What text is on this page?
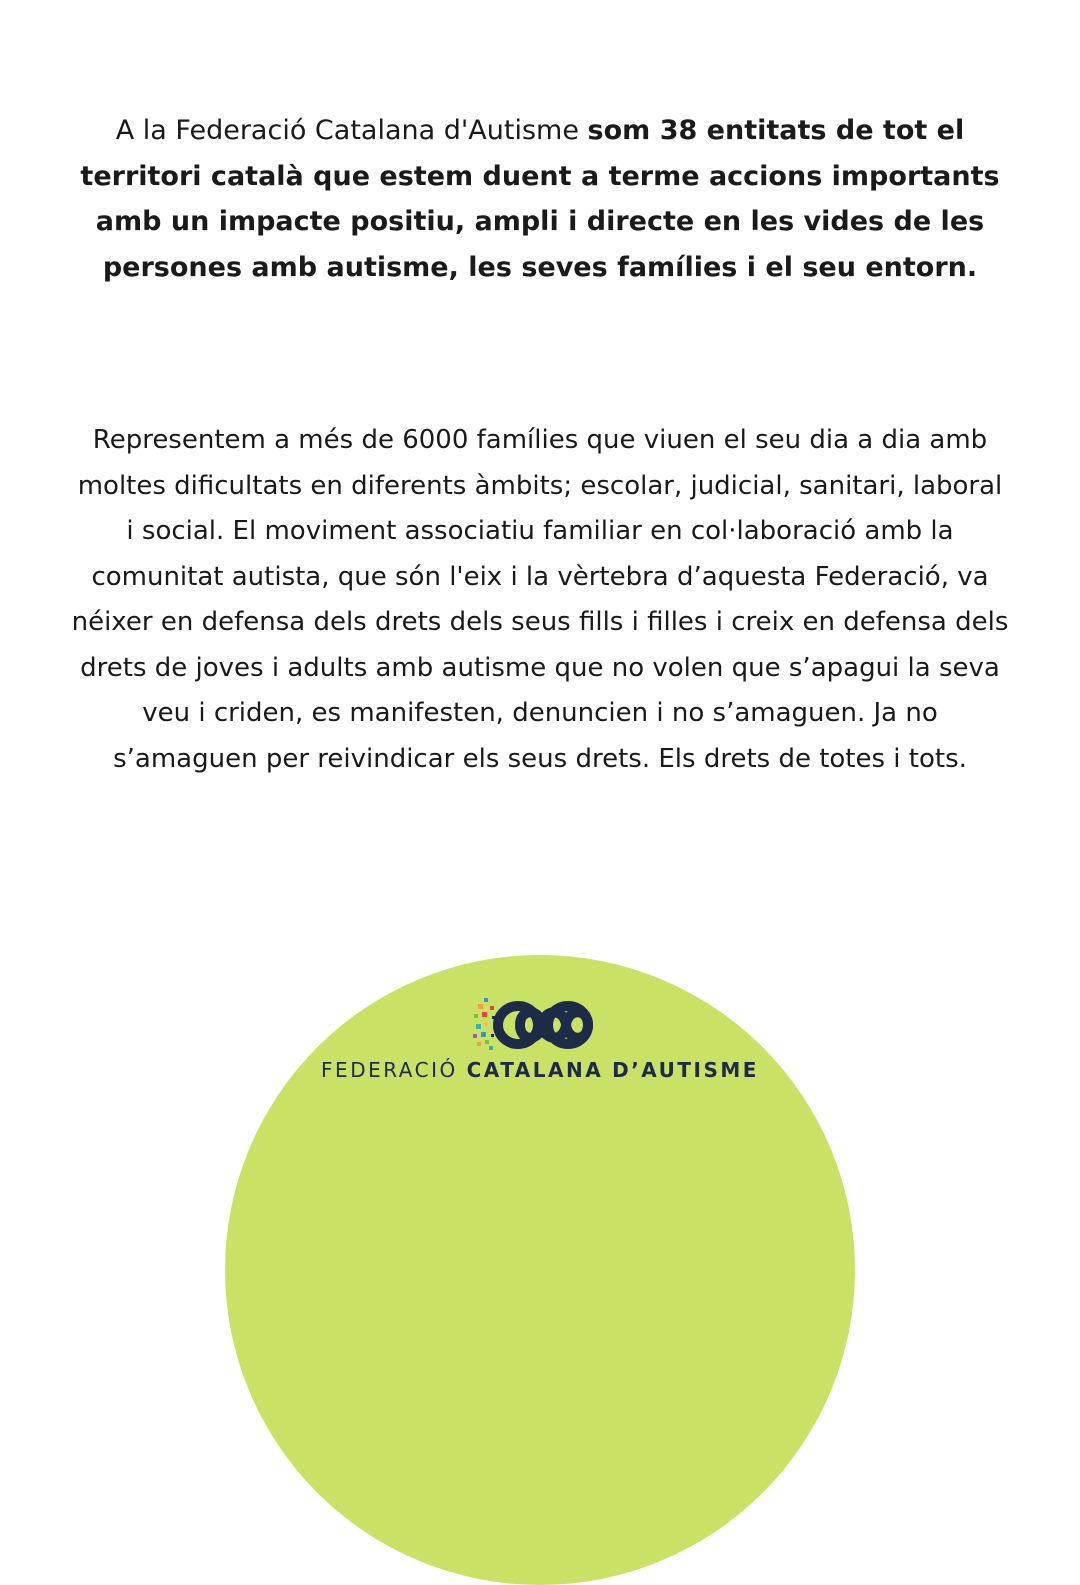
A la Federació Catalana d'Autisme som 38 entitats de tot el territori català que estem duent a terme accions importants amb un impacte positiu, ampli i directe en les vides de les persones amb autisme, les seves famílies i el seu entorn.
Representem a més de 6000 famílies que viuen el seu dia a dia amb moltes dificultats en diferents àmbits; escolar, judicial, sanitari, laboral i social. El moviment associatiu familiar en col·laboració amb la comunitat autista, que són l'eix i la vèrtebra d’aquesta Federació, va néixer en defensa dels drets dels seus fills i filles i creix en defensa dels drets de joves i adults amb autisme que no volen que s’apagui la seva veu i criden, es manifesten, denuncien i no s’amaguen. Ja no s’amaguen per reivindicar els seus drets. Els drets de totes i tots.
FEDERACIÓ CATALANA D’AUTISME
